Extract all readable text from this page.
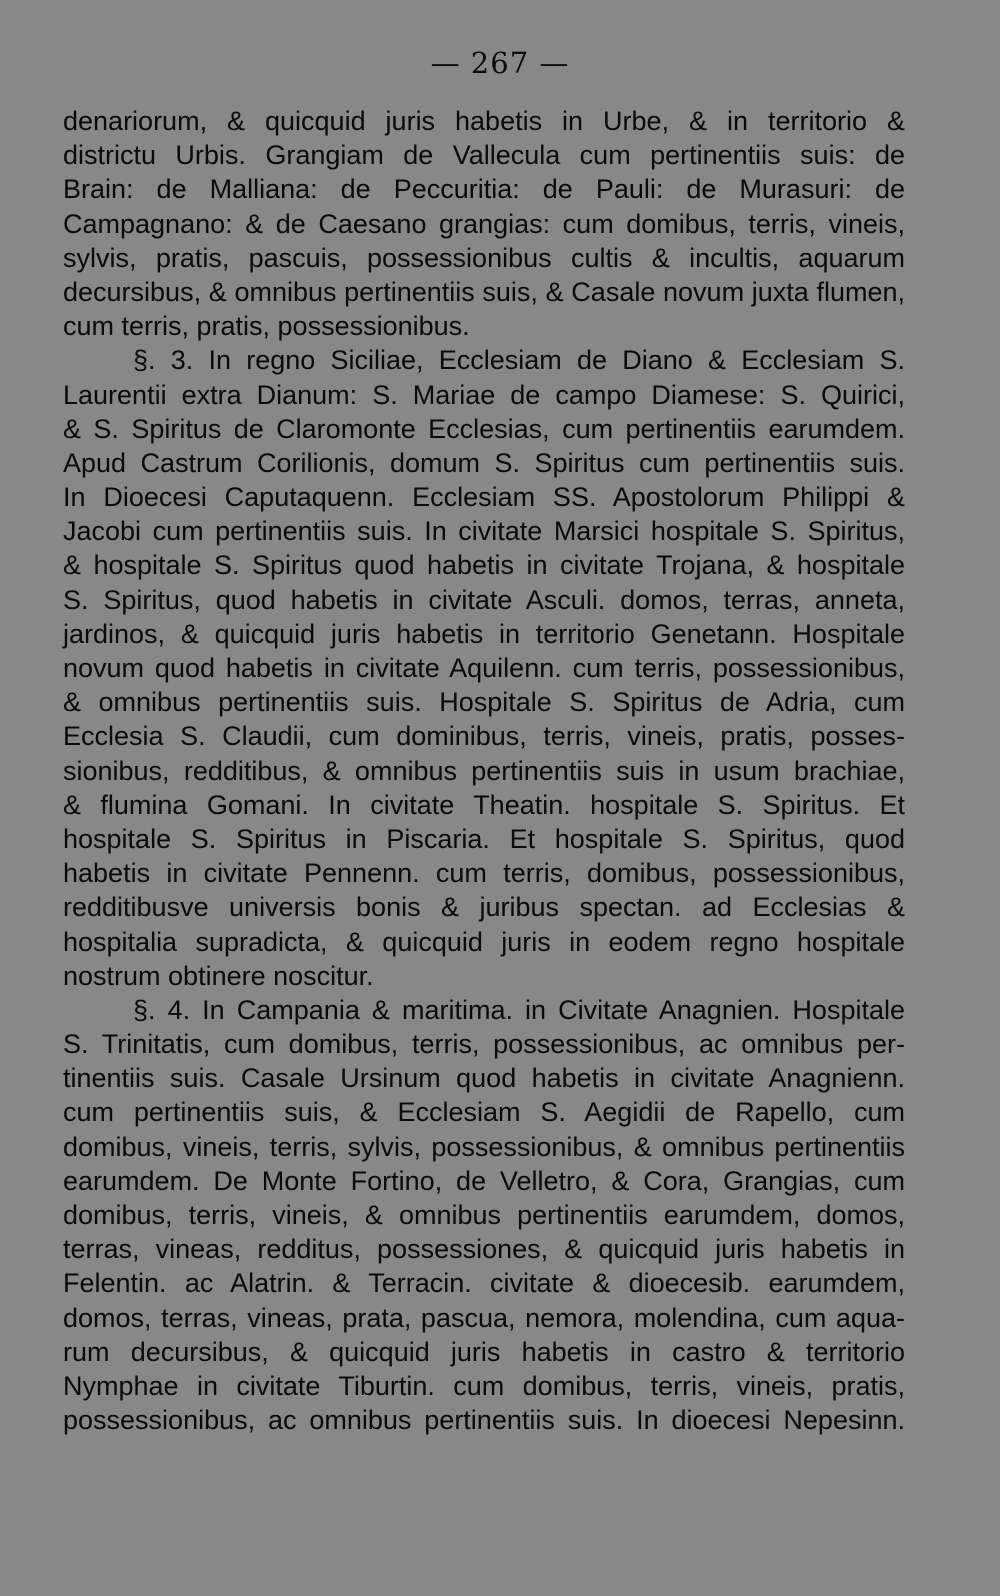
— 267 —
denariorum, & quicquid juris habetis in Urbe, & in territorio &
districtu Urbis. Grangiam de Vallecula cum pertinentiis suis: de
Brain: de Malliana: de Peccuritia: de Pauli: de Murasuri: de
Campagnano: & de Caesano grangias: cum domibus, terris, vineis,
sylvis, pratis, pascuis, possessionibus cultis & incultis, aquarum
decursibus, & omnibus pertinentiis suis, & Casale novum juxta flumen,
cum terris, pratis, possessionibus.
§. 3. In regno Siciliae, Ecclesiam de Diano & Ecclesiam S.
Laurentii extra Dianum: S. Mariae de campo Diamese: S. Quirici,
& S. Spiritus de Claromonte Ecclesias, cum pertinentiis earumdem.
Apud Castrum Corilionis, domum S. Spiritus cum pertinentiis suis.
In Dioecesi Caputaquenn. Ecclesiam SS. Apostolorum Philippi &
Jacobi cum pertinentiis suis. In civitate Marsici hospitale S. Spiritus,
& hospitale S. Spiritus quod habetis in civitate Trojana, & hospitale
S. Spiritus, quod habetis in civitate Asculi. domos, terras, anneta,
jardinos, & quicquid juris habetis in territorio Genetann. Hospitale
novum quod habetis in civitate Aquilenn. cum terris, possessionibus,
& omnibus pertinentiis suis. Hospitale S. Spiritus de Adria, cum
Ecclesia S. Claudii, cum dominibus, terris, vineis, pratis, posses-
sionibus, redditibus, & omnibus pertinentiis suis in usum brachiae,
& flumina Gomani. In civitate Theatin. hospitale S. Spiritus. Et
hospitale S. Spiritus in Piscaria. Et hospitale S. Spiritus, quod
habetis in civitate Pennenn. cum terris, domibus, possessionibus,
redditibusve universis bonis & juribus spectan. ad Ecclesias &
hospitalia supradicta, & quicquid juris in eodem regno hospitale
nostrum obtinere noscitur.
§. 4. In Campania & maritima. in Civitate Anagnien. Hospitale
S. Trinitatis, cum domibus, terris, possessionibus, ac omnibus per-
tinentiis suis. Casale Ursinum quod habetis in civitate Anagnienn.
cum pertinentiis suis, & Ecclesiam S. Aegidii de Rapello, cum
domibus, vineis, terris, sylvis, possessionibus, & omnibus pertinentiis
earumdem. De Monte Fortino, de Velletro, & Cora, Grangias, cum
domibus, terris, vineis, & omnibus pertinentiis earumdem, domos,
terras, vineas, redditus, possessiones, & quicquid juris habetis in
Felentin. ac Alatrin. & Terracin. civitate & dioecesib. earumdem,
domos, terras, vineas, prata, pascua, nemora, molendina, cum aqua-
rum decursibus, & quicquid juris habetis in castro & territorio
Nymphae in civitate Tiburtin. cum domibus, terris, vineis, pratis,
possessionibus, ac omnibus pertinentiis suis. In dioecesi Nepesinn.
